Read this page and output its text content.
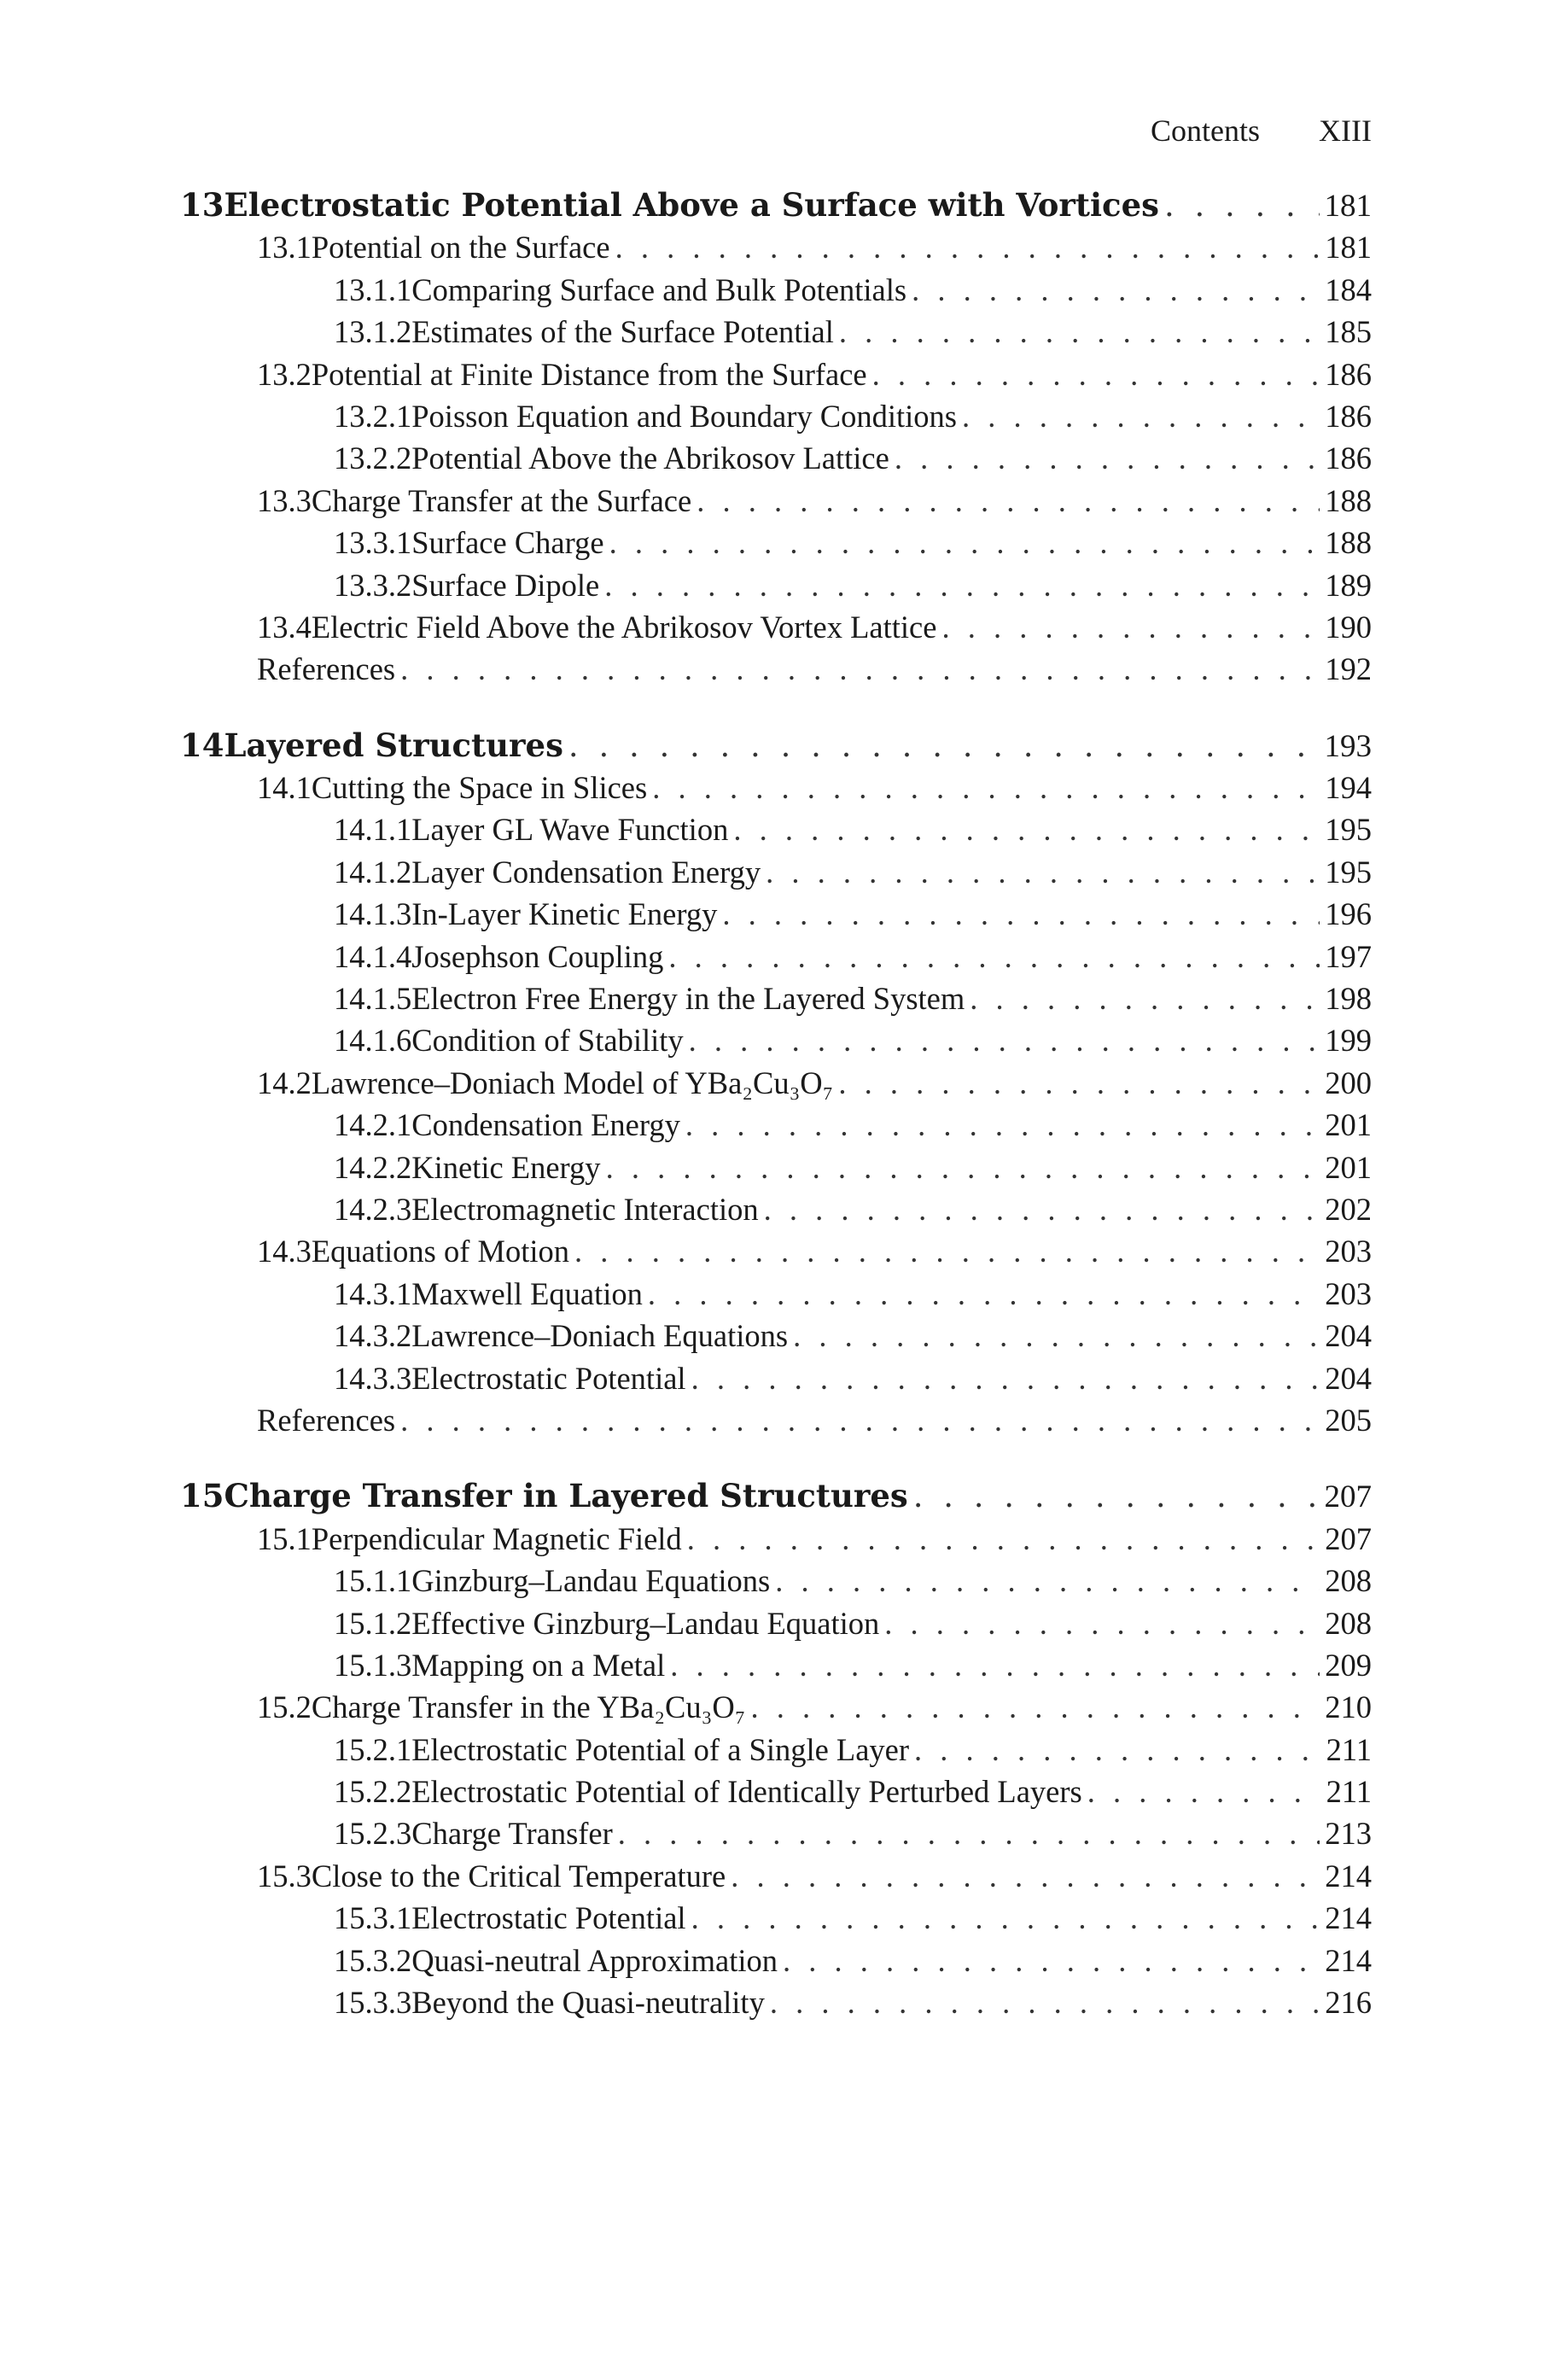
Contents XIII
13 Electrostatic Potential Above a Surface with Vortices . . .	181
13.1 Potential on the Surface . . .	181
13.1.1 Comparing Surface and Bulk Potentials . . .	184
13.1.2 Estimates of the Surface Potential . . .	185
13.2 Potential at Finite Distance from the Surface . . .	186
13.2.1 Poisson Equation and Boundary Conditions . . .	186
13.2.2 Potential Above the Abrikosov Lattice . . .	186
13.3 Charge Transfer at the Surface . . .	188
13.3.1 Surface Charge . . .	188
13.3.2 Surface Dipole . . .	189
13.4 Electric Field Above the Abrikosov Vortex Lattice . . .	190
References . . .	192
14 Layered Structures . . .	193
14.1 Cutting the Space in Slices . . .	194
14.1.1 Layer GL Wave Function . . .	195
14.1.2 Layer Condensation Energy . . .	195
14.1.3 In-Layer Kinetic Energy . . .	196
14.1.4 Josephson Coupling . . .	197
14.1.5 Electron Free Energy in the Layered System . . .	198
14.1.6 Condition of Stability . . .	199
14.2 Lawrence–Doniach Model of YBa₂Cu₃O₇ . . .	200
14.2.1 Condensation Energy . . .	201
14.2.2 Kinetic Energy . . .	201
14.2.3 Electromagnetic Interaction . . .	202
14.3 Equations of Motion . . .	203
14.3.1 Maxwell Equation . . .	203
14.3.2 Lawrence–Doniach Equations . . .	204
14.3.3 Electrostatic Potential . . .	204
References . . .	205
15 Charge Transfer in Layered Structures . . .	207
15.1 Perpendicular Magnetic Field . . .	207
15.1.1 Ginzburg–Landau Equations . . .	208
15.1.2 Effective Ginzburg–Landau Equation . . .	208
15.1.3 Mapping on a Metal . . .	209
15.2 Charge Transfer in the YBa₂Cu₃O₇ . . .	210
15.2.1 Electrostatic Potential of a Single Layer . . .	211
15.2.2 Electrostatic Potential of Identically Perturbed Layers . . .	211
15.2.3 Charge Transfer . . .	213
15.3 Close to the Critical Temperature . . .	214
15.3.1 Electrostatic Potential . . .	214
15.3.2 Quasi-neutral Approximation . . .	214
15.3.3 Beyond the Quasi-neutrality . . .	216
